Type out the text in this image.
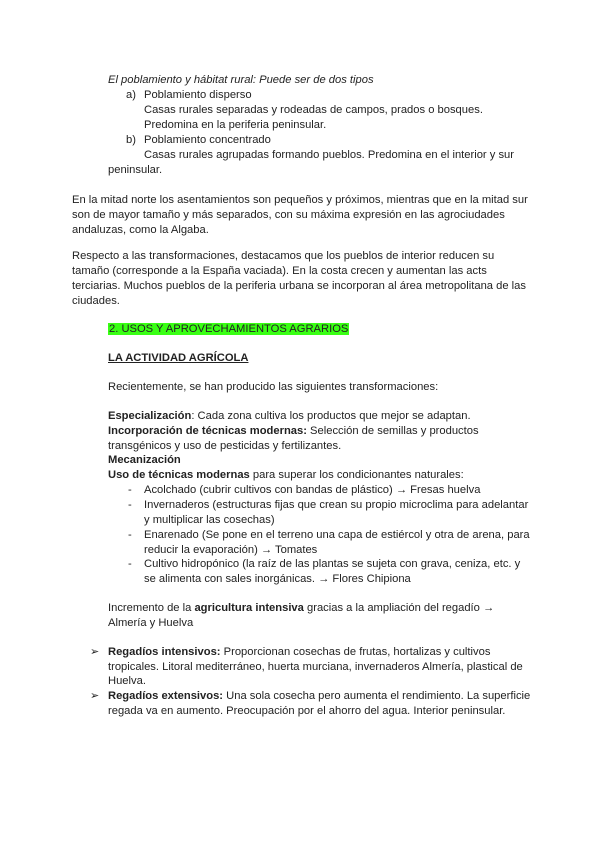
El poblamiento y hábitat rural: Puede ser de dos tipos
a) Poblamiento disperso
Casas rurales separadas y rodeadas de campos, prados o bosques.
Predomina en la periferia peninsular.
b) Poblamiento concentrado
Casas rurales agrupadas formando pueblos. Predomina en el interior y sur
peninsular.
En la mitad norte los asentamientos son pequeños y próximos, mientras que en la mitad sur son de mayor tamaño y más separados, con su máxima expresión en las agrociudades andaluzas, como la Algaba.
Respecto a las transformaciones, destacamos que los pueblos de interior reducen su tamaño (corresponde a la España vaciada). En la costa crecen y aumentan las acts terciarias. Muchos pueblos de la periferia urbana se incorporan al área metropolitana de las ciudades.
2. USOS Y APROVECHAMIENTOS AGRARIOS
LA ACTIVIDAD AGRÍCOLA
Recientemente, se han producido las siguientes transformaciones:
Especialización: Cada zona cultiva los productos que mejor se adaptan.
Incorporación de técnicas modernas: Selección de semillas y productos
transgénicos y uso de pesticidas y fertilizantes.
Mecanización
Uso de técnicas modernas para superar los condicionantes naturales:
- Acolchado (cubrir cultivos con bandas de plástico) → Fresas huelva
- Invernaderos (estructuras fijas que crean su propio microclima para adelantar
y multiplicar las cosechas)
- Enarenado (Se pone en el terreno una capa de estiércol y otra de arena, para
reducir la evaporación) → Tomates
- Cultivo hidropónico (la raíz de las plantas se sujeta con grava, ceniza, etc. y
se alimenta con sales inorgánicas. → Flores Chipiona
Incremento de la agricultura intensiva gracias a la ampliación del regadío →
Almería y Huelva
➢ Regadíos intensivos: Proporcionan cosechas de frutas, hortalizas y cultivos
tropicales. Litoral mediterráneo, huerta murciana, invernaderos Almería, plastical de
Huelva.
➢ Regadíos extensivos: Una sola cosecha pero aumenta el rendimiento. La superficie
regada va en aumento. Preocupación por el ahorro del agua. Interior peninsular.
